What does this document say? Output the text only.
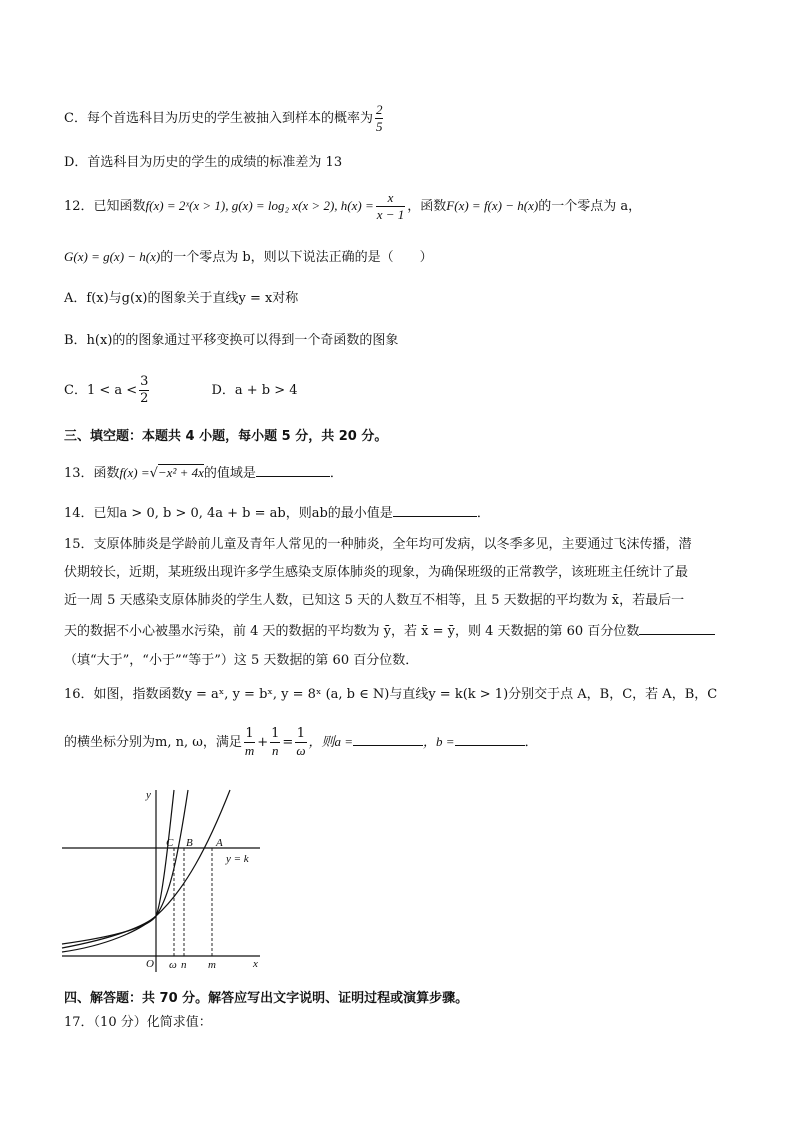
C．每个首选科目为历史的学生被抽入到样本的概率为 $\frac{2}{5}$
D．首选科目为历史的学生的成绩的标准差为 13
12．已知函数f(x) = 2ˣ(x > 1), g(x) = log₂ x(x > 2), $h(x) = \frac{x}{x - 1}$ ，函数F(x) = f(x) − h(x)的一个零点为 a，
G(x) = g(x) − h(x)的一个零点为 b，则以下说法正确的是（　　）
A．f(x)与g(x)的图象关于直线y = x对称
B．h(x)的的图象通过平移变换可以得到一个奇函数的图象
C．$1 < a < \frac{3}{2}$	D．a + b > 4
三、填空题：本题共 4 小题，每小题 5 分，共 20 分。
13．函数f(x) =√−x² + 4x的值域是	．
14．已知a > 0, b > 0, 4a + b = ab，则ab的最小值是	．
15．支原体肺炎是学龄前儿童及青年人常见的一种肺炎，全年均可发病，以冬季多见，主要通过飞沫传播，潜
伏期较长，近期，某班级出现许多学生感染支原体肺炎的现象，为确保班级的正常教学，该班班主任统计了最
近一周 5 天感染支原体肺炎的学生人数，已知这 5 天的人数互不相等，且 5 天数据的平均数为 x̄，若最后一
天的数据不小心被墨水污染，前 4 天的数据的平均数为 ȳ，若 x̄ = ȳ，则 4 天数据的第 60 百分位数
（填“大于”，“小于”“等于”）这 5 天数据的第 60 百分位数．
16．如图，指数函数y = aˣ, y = bˣ, y = 8ˣ (a, b ∈ N)与直线y = k(k > 1)分别交于点 A，B，C，若 A，B，C
的横坐标分别为m, n, ω，满足 $\frac{1}{m} + \frac{1}{n} = \frac{1}{\omega}$ ，则a =	，b =	．
y
x
O
C B A
y = k
ω n m
四、解答题：共 70 分。解答应写出文字说明、证明过程或演算步骤。
17．（10 分）化简求值：
